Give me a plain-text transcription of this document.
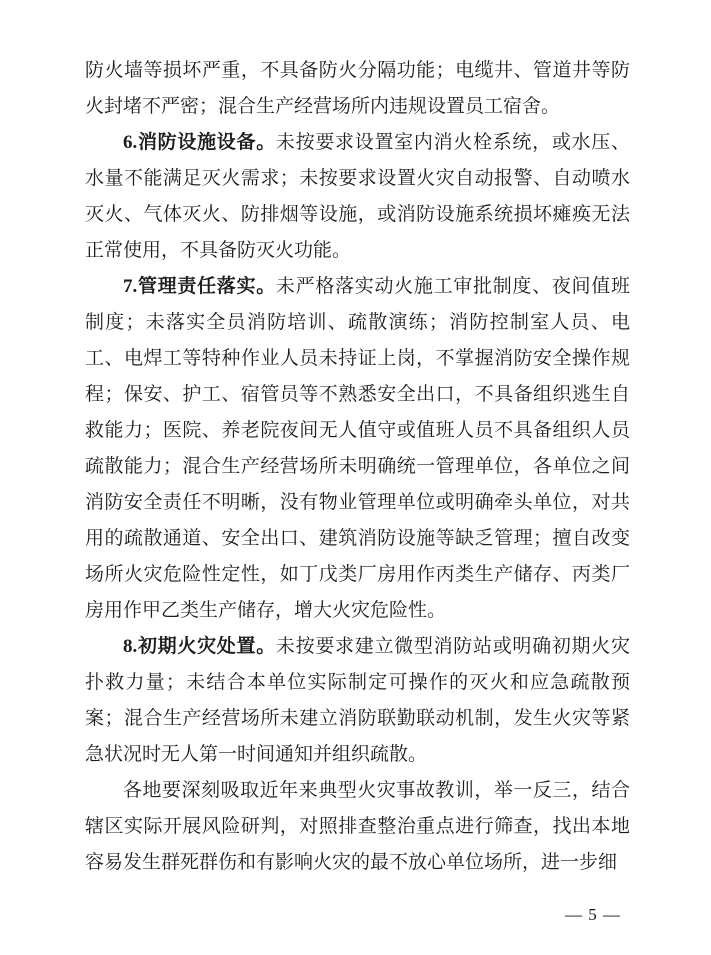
防火墙等损坏严重，不具备防火分隔功能；电缆井、管道井等防火封堵不严密；混合生产经营场所内违规设置员工宿舍。

6.消防设施设备。未按要求设置室内消火栓系统，或水压、水量不能满足灭火需求；未按要求设置火灾自动报警、自动喷水灭火、气体灭火、防排烟等设施，或消防设施系统损坏瘫痪无法正常使用，不具备防灭火功能。

7.管理责任落实。未严格落实动火施工审批制度、夜间值班制度；未落实全员消防培训、疏散演练；消防控制室人员、电工、电焊工等特种作业人员未持证上岗，不掌握消防安全操作规程；保安、护工、宿管员等不熟悉安全出口，不具备组织逃生自救能力；医院、养老院夜间无人值守或值班人员不具备组织人员疏散能力；混合生产经营场所未明确统一管理单位，各单位之间消防安全责任不明晰，没有物业管理单位或明确牵头单位，对共用的疏散通道、安全出口、建筑消防设施等缺乏管理；擅自改变场所火灾危险性定性，如丁戊类厂房用作丙类生产储存、丙类厂房用作甲乙类生产储存，增大火灾危险性。

8.初期火灾处置。未按要求建立微型消防站或明确初期火灾扑救力量；未结合本单位实际制定可操作的灭火和应急疏散预案；混合生产经营场所未建立消防联勤联动机制，发生火灾等紧急状况时无人第一时间通知并组织疏散。

各地要深刻吸取近年来典型火灾事故教训，举一反三，结合辖区实际开展风险研判，对照排查整治重点进行筛查，找出本地容易发生群死群伤和有影响火灾的最不放心单位场所，进一步细

— 5 —
